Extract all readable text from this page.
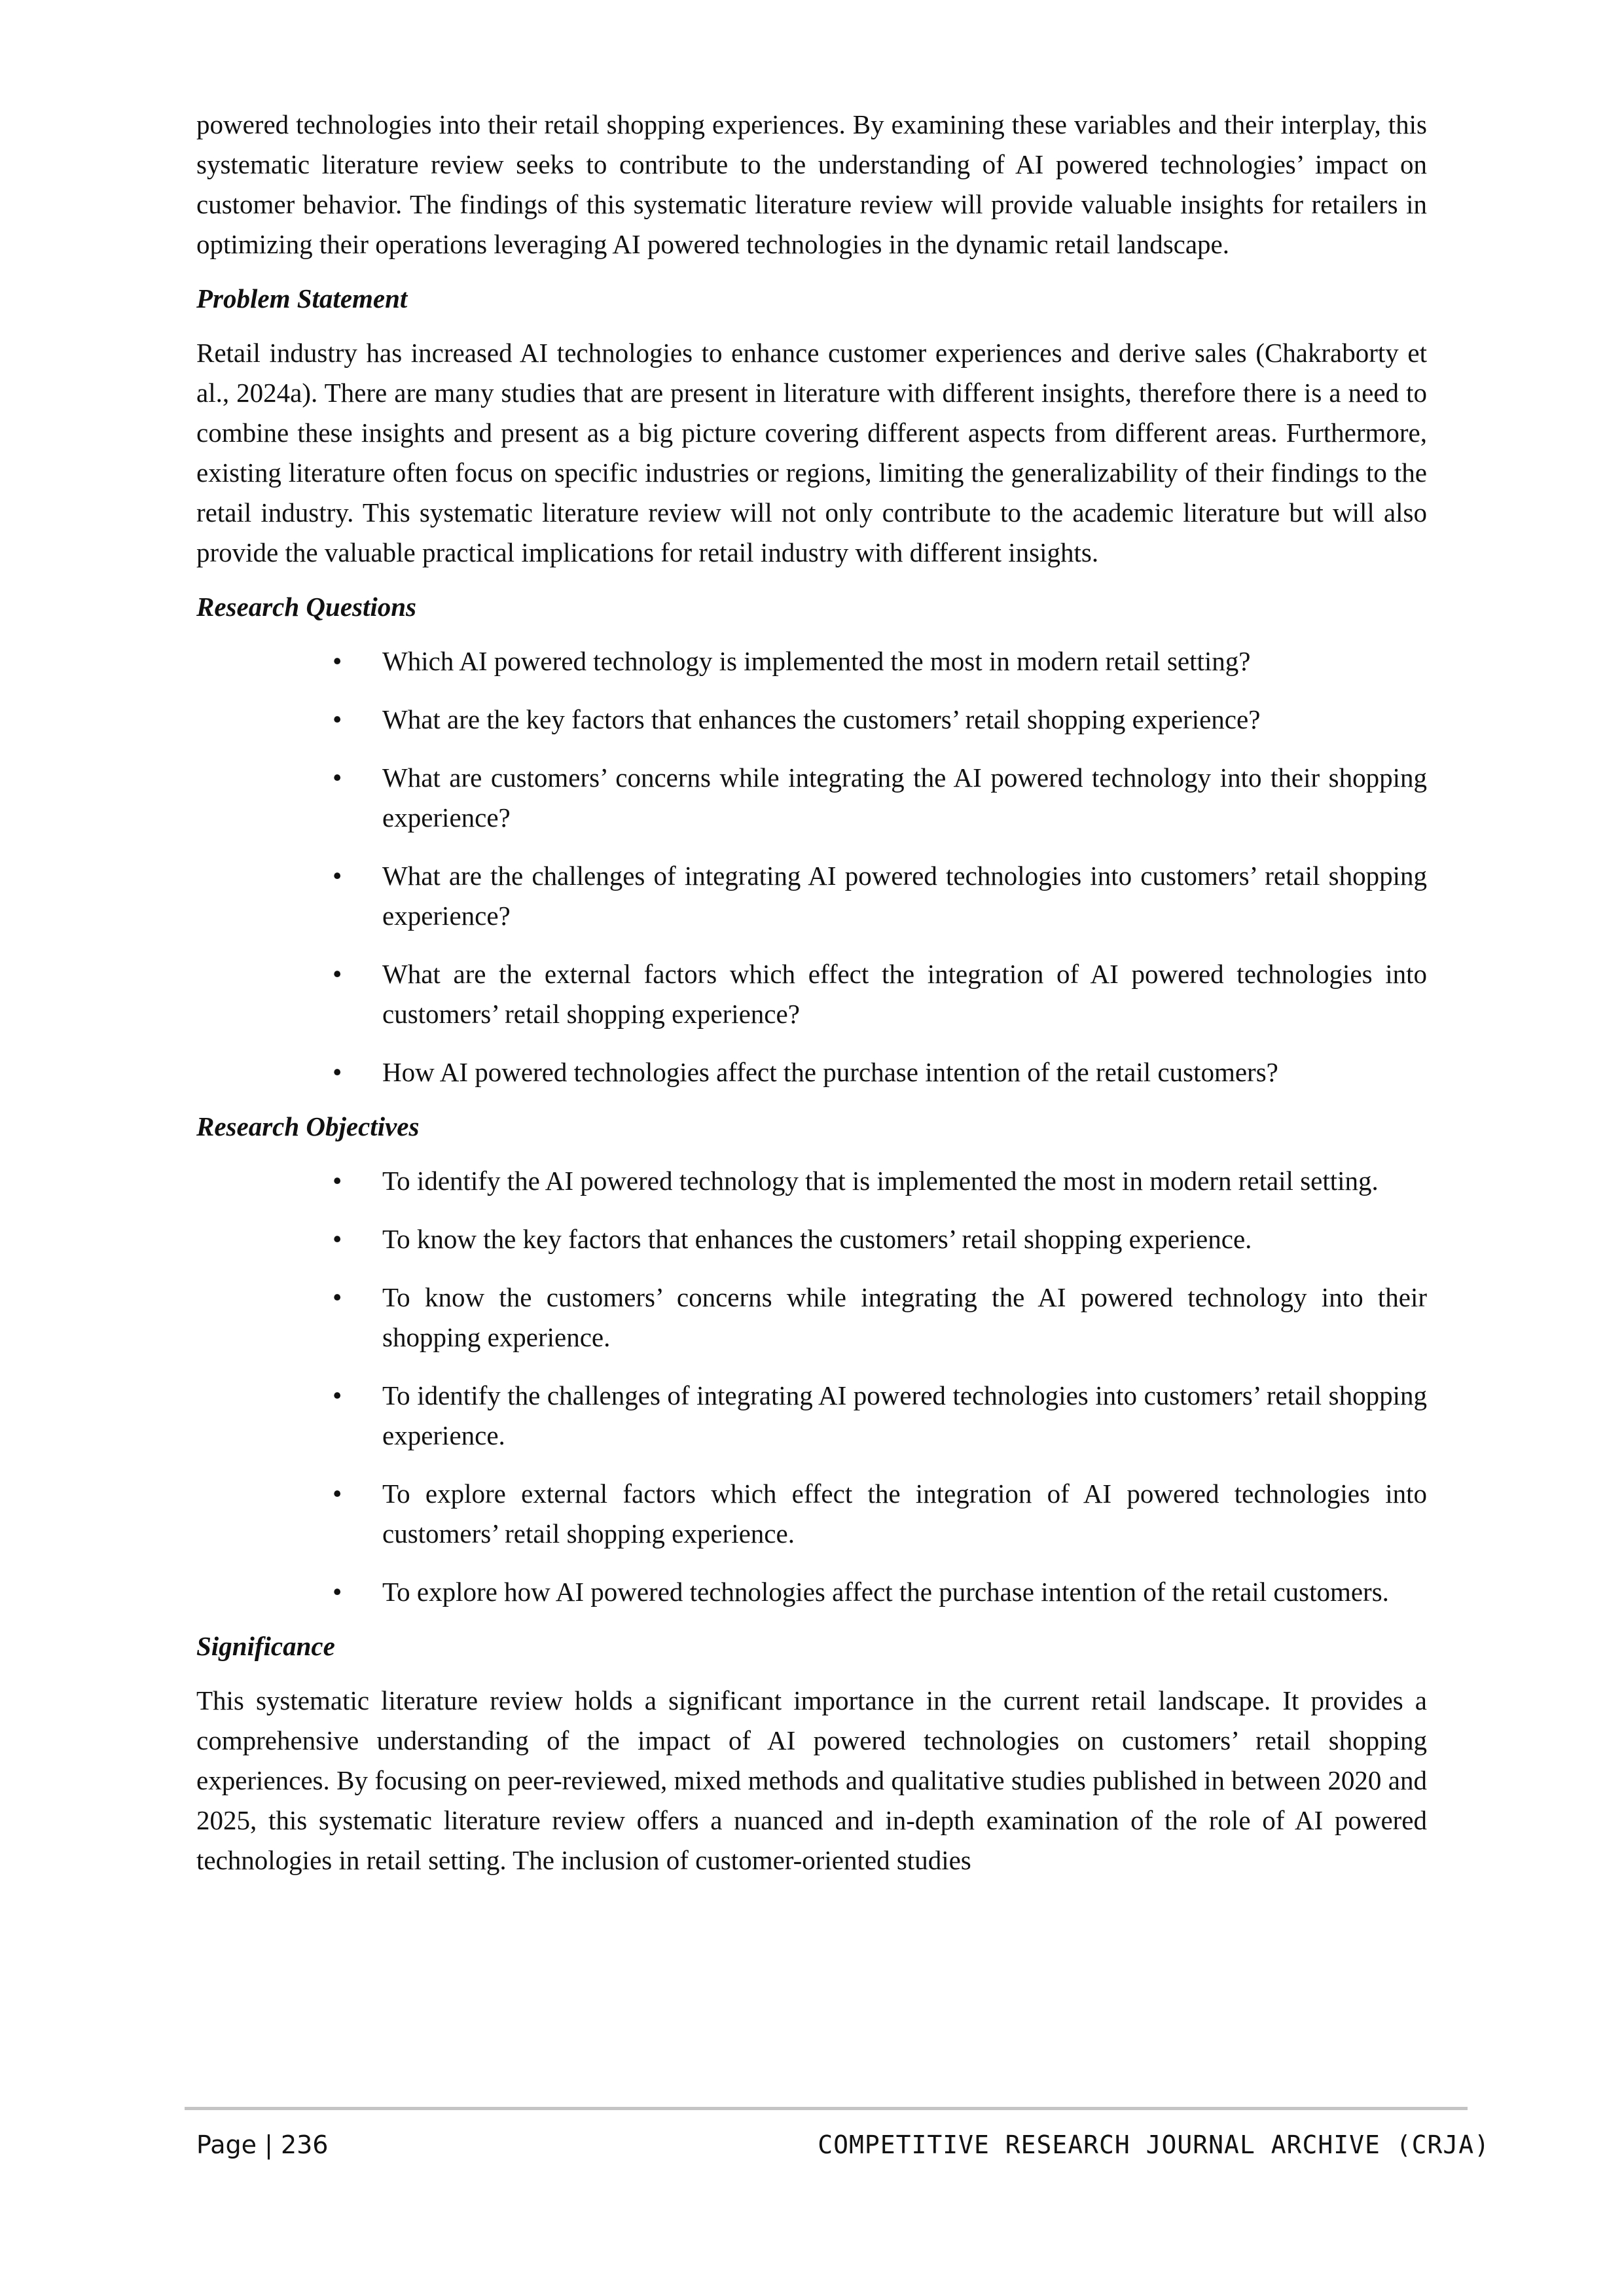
powered technologies into their retail shopping experiences. By examining these variables and their interplay, this systematic literature review seeks to contribute to the understanding of AI powered technologies’ impact on customer behavior. The findings of this systematic literature review will provide valuable insights for retailers in optimizing their operations leveraging AI powered technologies in the dynamic retail landscape.

Problem Statement

Retail industry has increased AI technologies to enhance customer experiences and derive sales (Chakraborty et al., 2024a). There are many studies that are present in literature with different insights, therefore there is a need to combine these insights and present as a big picture covering different aspects from different areas. Furthermore, existing literature often focus on specific industries or regions, limiting the generalizability of their findings to the retail industry. This systematic literature review will not only contribute to the academic literature but will also provide the valuable practical implications for retail industry with different insights.

Research Questions
• Which AI powered technology is implemented the most in modern retail setting?
• What are the key factors that enhances the customers’ retail shopping experience?
• What are customers’ concerns while integrating the AI powered technology into their shopping experience?
• What are the challenges of integrating AI powered technologies into customers’ retail shopping experience?
• What are the external factors which effect the integration of AI powered technologies into customers’ retail shopping experience?
• How AI powered technologies affect the purchase intention of the retail customers?
Research Objectives
• To identify the AI powered technology that is implemented the most in modern retail setting.
• To know the key factors that enhances the customers’ retail shopping experience.
• To know the customers’ concerns while integrating the AI powered technology into their shopping experience.
• To identify the challenges of integrating AI powered technologies into customers’ retail shopping experience.
• To explore external factors which effect the integration of AI powered technologies into customers’ retail shopping experience.
• To explore how AI powered technologies affect the purchase intention of the retail customers.
Significance

This systematic literature review holds a significant importance in the current retail landscape. It provides a comprehensive understanding of the impact of AI powered technologies on customers’ retail shopping experiences. By focusing on peer-reviewed, mixed methods and qualitative studies published in between 2020 and 2025, this systematic literature review offers a nuanced and in-depth examination of the role of AI powered technologies in retail setting. The inclusion of customer-oriented studies

Page | 236	COMPETITIVE RESEARCH JOURNAL ARCHIVE (CRJA)
